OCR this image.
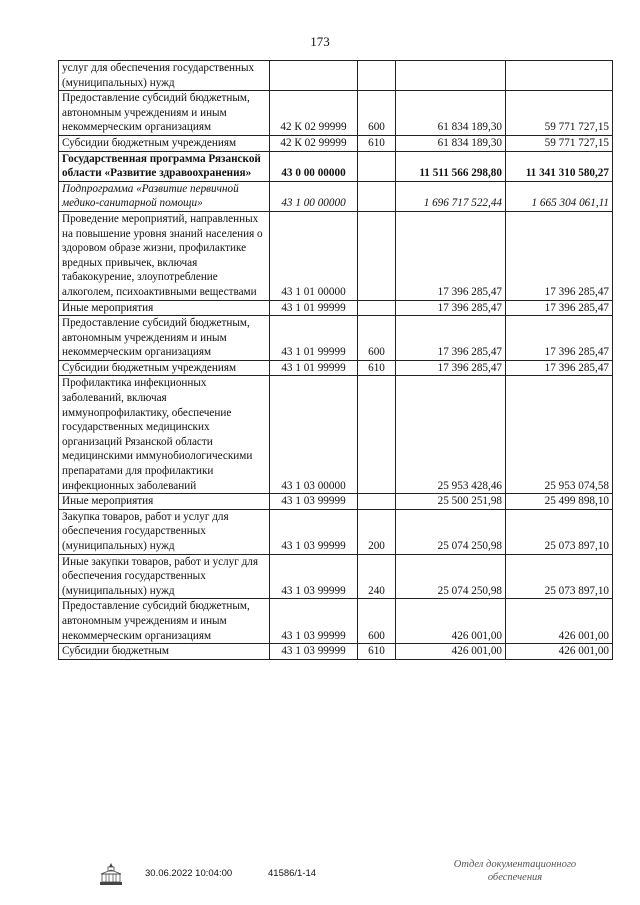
173
услуг для обеспечения государственных (муниципальных) нужд				
Предоставление субсидий бюджетным, автономным учреждениям и иным некоммерческим организациям	42 К 02 99999	600	61 834 189,30	59 771 727,15
Субсидии бюджетным учреждениям	42 К 02 99999	610	61 834 189,30	59 771 727,15
Государственная программа Рязанской области «Развитие здравоохранения»	43 0 00 00000		11 511 566 298,80	11 341 310 580,27
Подпрограмма «Развитие первичной медико-санитарной помощи»	43 1 00 00000		1 696 717 522,44	1 665 304 061,11
Проведение мероприятий, направленных на повышение уровня знаний населения о здоровом образе жизни, профилактике вредных привычек, включая табакокурение, злоупотребление алкоголем, психоактивными веществами	43 1 01 00000		17 396 285,47	17 396 285,47
Иные мероприятия	43 1 01 99999		17 396 285,47	17 396 285,47
Предоставление субсидий бюджетным, автономным учреждениям и иным некоммерческим организациям	43 1 01 99999	600	17 396 285,47	17 396 285,47
Субсидии бюджетным учреждениям	43 1 01 99999	610	17 396 285,47	17 396 285,47
Профилактика инфекционных заболеваний, включая иммунопрофилактику, обеспечение государственных медицинских организаций Рязанской области медицинскими иммунобиологическими препаратами для профилактики инфекционных заболеваний	43 1 03 00000		25 953 428,46	25 953 074,58
Иные мероприятия	43 1 03 99999		25 500 251,98	25 499 898,10
Закупка товаров, работ и услуг для обеспечения государственных (муниципальных) нужд	43 1 03 99999	200	25 074 250,98	25 073 897,10
Иные закупки товаров, работ и услуг для обеспечения государственных (муниципальных) нужд	43 1 03 99999	240	25 074 250,98	25 073 897,10
Предоставление субсидий бюджетным, автономным учреждениям и иным некоммерческим организациям	43 1 03 99999	600	426 001,00	426 001,00
Субсидии бюджетным	43 1 03 99999	610	426 001,00	426 001,00
30.06.2022 10:04:00	41586/1-14
Отдел документационного обеспечения
